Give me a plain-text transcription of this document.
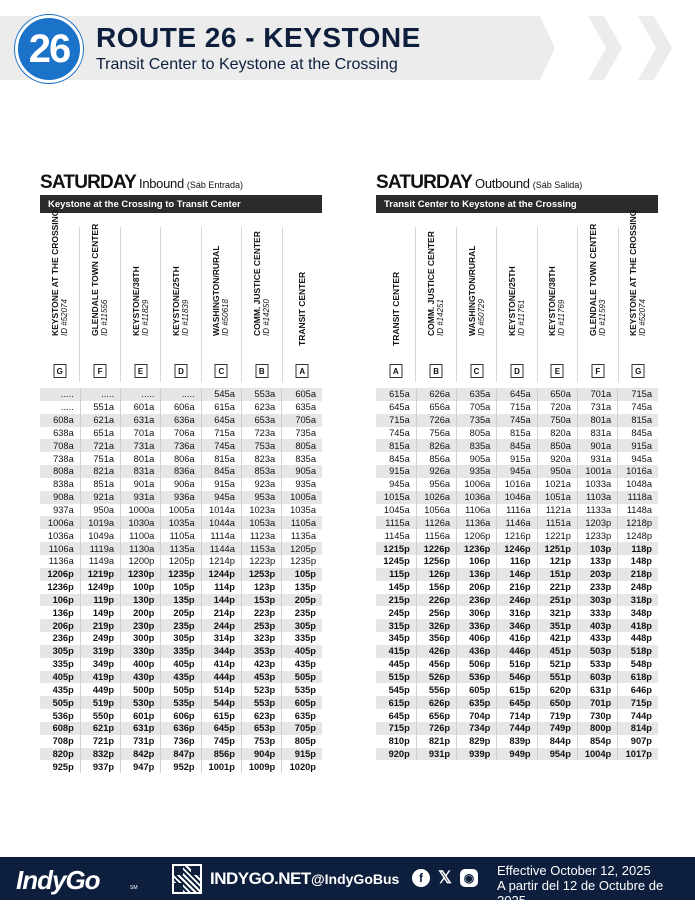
26 ROUTE 26 - KEYSTONE
Transit Center to Keystone at the Crossing
SATURDAY Inbound (Sáb Entrada)
Keystone at the Crossing to Transit Center
KEYSTONE AT THE CROSSING ID #52074
G
GLENDALE TOWN CENTER ID #11556
F
KEYSTONE/38TH ID #11829
E
KEYSTONE/25TH ID #11839
D
WASHINGTON/RURAL ID #50618
C
COMM. JUSTICE CENTER ID #14250
B
TRANSIT CENTER
A
.....	.....	.....	.....	545a	553a	605a
.....	551a	601a	606a	615a	623a	635a
608a	621a	631a	636a	645a	653a	705a
638a	651a	701a	706a	715a	723a	735a
708a	721a	731a	736a	745a	753a	805a
738a	751a	801a	806a	815a	823a	835a
808a	821a	831a	836a	845a	853a	905a
838a	851a	901a	906a	915a	923a	935a
908a	921a	931a	936a	945a	953a	1005a
937a	950a	1000a	1005a	1014a	1023a	1035a
1006a	1019a	1030a	1035a	1044a	1053a	1105a
1036a	1049a	1100a	1105a	1114a	1123a	1135a
1106a	1119a	1130a	1135a	1144a	1153a	1205p
1136a	1149a	1200p	1205p	1214p	1223p	1235p
1206p	1219p	1230p	1235p	1244p	1253p	105p
1236p	1249p	100p	105p	114p	123p	135p
106p	119p	130p	135p	144p	153p	205p
136p	149p	200p	205p	214p	223p	235p
206p	219p	230p	235p	244p	253p	305p
236p	249p	300p	305p	314p	323p	335p
305p	319p	330p	335p	344p	353p	405p
335p	349p	400p	405p	414p	423p	435p
405p	419p	430p	435p	444p	453p	505p
435p	449p	500p	505p	514p	523p	535p
505p	519p	530p	535p	544p	553p	605p
536p	550p	601p	606p	615p	623p	635p
608p	621p	631p	636p	645p	653p	705p
708p	721p	731p	736p	745p	753p	805p
820p	832p	842p	847p	856p	904p	915p
925p	937p	947p	952p	1001p	1009p	1020p
SATURDAY Outbound (Sáb Salida)
Transit Center to Keystone at the Crossing
TRANSIT CENTER
A
COMM. JUSTICE CENTER ID #14251
B
WASHINGTON/RURAL ID #50729
C
KEYSTONE/25TH ID #11761
D
KEYSTONE/38TH ID #11769
E
GLENDALE TOWN CENTER ID #11593
F
KEYSTONE AT THE CROSSING ID #52074
G
615a	626a	635a	645a	650a	701a	715a
645a	656a	705a	715a	720a	731a	745a
715a	726a	735a	745a	750a	801a	815a
745a	756a	805a	815a	820a	831a	845a
815a	826a	835a	845a	850a	901a	915a
845a	856a	905a	915a	920a	931a	945a
915a	926a	935a	945a	950a	1001a	1016a
945a	956a	1006a	1016a	1021a	1033a	1048a
1015a	1026a	1036a	1046a	1051a	1103a	1118a
1045a	1056a	1106a	1116a	1121a	1133a	1148a
1115a	1126a	1136a	1146a	1151a	1203p	1218p
1145a	1156a	1206p	1216p	1221p	1233p	1248p
1215p	1226p	1236p	1246p	1251p	103p	118p
1245p	1256p	106p	116p	121p	133p	148p
115p	126p	136p	146p	151p	203p	218p
145p	156p	206p	216p	221p	233p	248p
215p	226p	236p	246p	251p	303p	318p
245p	256p	306p	316p	321p	333p	348p
315p	326p	336p	346p	351p	403p	418p
345p	356p	406p	416p	421p	433p	448p
415p	426p	436p	446p	451p	503p	518p
445p	456p	506p	516p	521p	533p	548p
515p	526p	536p	546p	551p	603p	618p
545p	556p	605p	615p	620p	631p	646p
615p	626p	635p	645p	650p	701p	715p
645p	656p	704p	714p	719p	730p	744p
715p	726p	734p	744p	749p	800p	814p
810p	821p	829p	839p	844p	854p	907p
920p	931p	939p	949p	954p	1004p	1017p
IndyGo	SM	INDYGO.NET @IndyGoBus	f 𝕏 ◉ Effective October 12, 2025
A partir del 12 de Octubre de 2025
